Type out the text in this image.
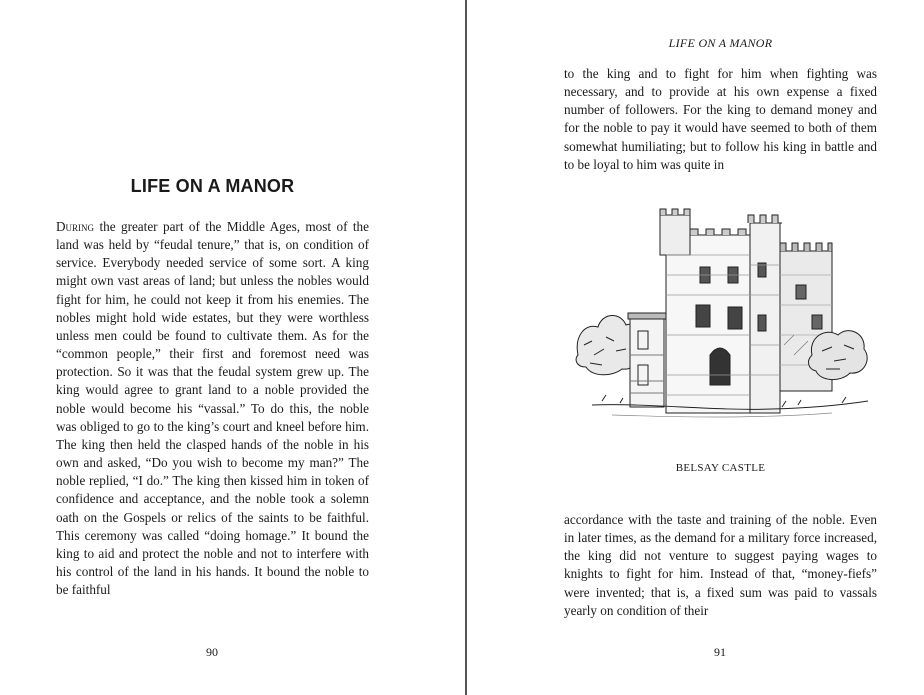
LIFE ON A MANOR

During the greater part of the Middle Ages, most of the land was held by “feudal tenure,” that is, on condition of service. Everybody needed service of some sort. A king might own vast areas of land; but unless the nobles would fight for him, he could not keep it from his enemies. The nobles might hold wide estates, but they were worthless unless men could be found to cultivate them. As for the “common people,” their first and foremost need was protection. So it was that the feudal system grew up. The king would agree to grant land to a noble provided the noble would become his “vassal.” To do this, the noble was obliged to go to the king’s court and kneel before him. The king then held the clasped hands of the noble in his own and asked, “Do you wish to become my man?” The noble replied, “I do.” The king then kissed him in token of confidence and acceptance, and the noble took a solemn oath on the Gospels or relics of the saints to be faithful. This ceremony was called “doing homage.” It bound the king to aid and protect the noble and not to interfere with his control of the land in his hands. It bound the noble to be faithful

90

LIFE ON A MANOR

to the king and to fight for him when fighting was necessary, and to provide at his own expense a fixed number of followers. For the king to demand money and for the noble to pay it would have seemed to both of them somewhat humiliating; but to follow his king in battle and to be loyal to him was quite in

BELSAY CASTLE

accordance with the taste and training of the noble. Even in later times, as the demand for a military force increased, the king did not venture to suggest paying wages to knights to fight for him. Instead of that, “money-fiefs” were invented; that is, a fixed sum was paid to vassals yearly on condition of their

91
